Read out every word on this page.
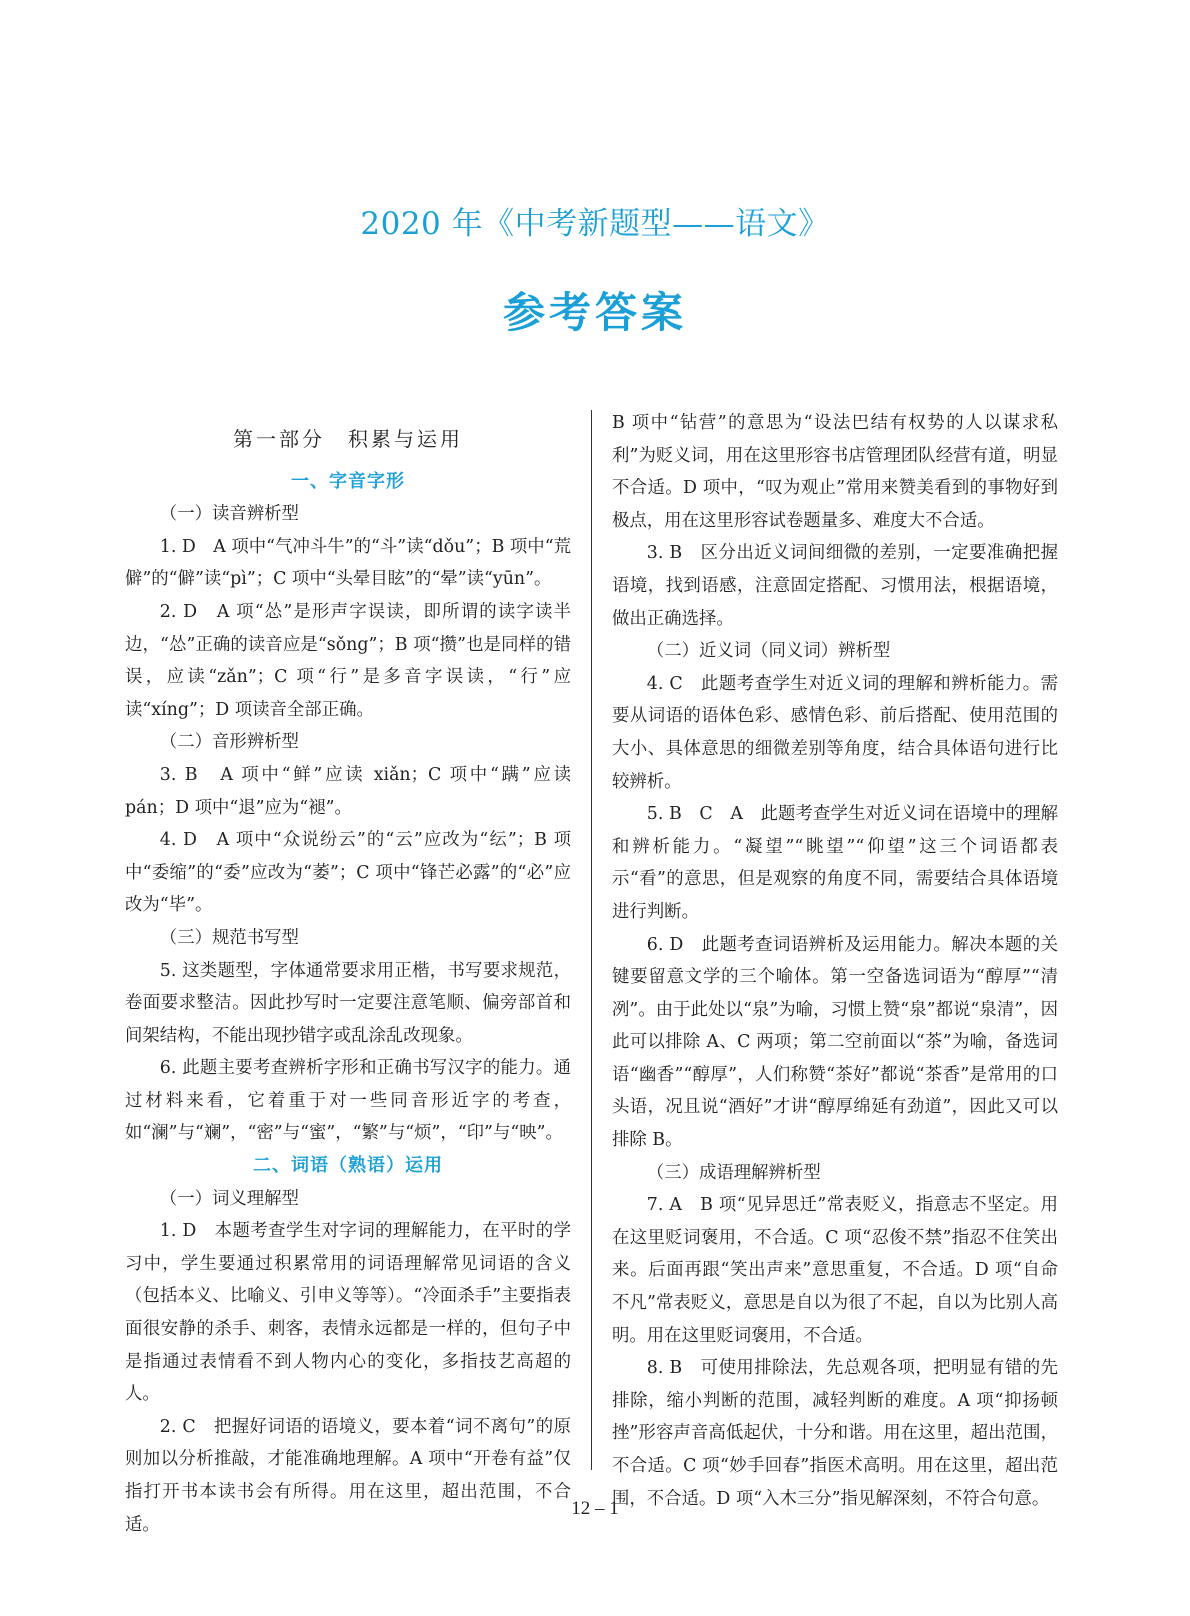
2020 年《中考新题型——语文》
参考答案
第一部分　积累与运用
一、字音字形

（一）读音辨析型

1. D　A 项中“气冲斗牛”的“斗”读“dǒu”；B 项中“荒僻”的“僻”读“pì”；C 项中“头晕目眩”的“晕”读“yūn”。

2. D　A 项“怂”是形声字误读，即所谓的读字读半边，“怂”正确的读音应是“sǒng”；B 项“攒”也是同样的错误，应读“zǎn”；C 项“行”是多音字误读，“行”应读“xíng”；D 项读音全部正确。

（二）音形辨析型

3. B　A 项中“鲜”应读 xiǎn；C 项中“蹒”应读 pán；D 项中“退”应为“褪”。

4. D　A 项中“众说纷云”的“云”应改为“纭”；B 项中“委缩”的“委”应改为“萎”；C 项中“锋芒必露”的“必”应改为“毕”。

（三）规范书写型

5. 这类题型，字体通常要求用正楷，书写要求规范，卷面要求整洁。因此抄写时一定要注意笔顺、偏旁部首和间架结构，不能出现抄错字或乱涂乱改现象。

6. 此题主要考查辨析字形和正确书写汉字的能力。通过材料来看，它着重于对一些同音形近字的考查，如“澜”与“斓”，“密”与“蜜”，“繁”与“烦”，“印”与“映”。

二、词语（熟语）运用

（一）词义理解型

1. D　本题考查学生对字词的理解能力，在平时的学习中，学生要通过积累常用的词语理解常见词语的含义（包括本义、比喻义、引申义等等）。“冷面杀手”主要指表面很安静的杀手、刺客，表情永远都是一样的，但句子中是指通过表情看不到人物内心的变化，多指技艺高超的人。

2. C　把握好词语的语境义，要本着“词不离句”的原则加以分析推敲，才能准确地理解。A 项中“开卷有益”仅指打开书本读书会有所得。用在这里，超出范围，不合适。

B 项中“钻营”的意思为“设法巴结有权势的人以谋求私利”为贬义词，用在这里形容书店管理团队经营有道，明显不合适。D 项中，“叹为观止”常用来赞美看到的事物好到极点，用在这里形容试卷题量多、难度大不合适。

3. B　区分出近义词间细微的差别，一定要准确把握语境，找到语感，注意固定搭配、习惯用法，根据语境，做出正确选择。

（二）近义词（同义词）辨析型

4. C　此题考查学生对近义词的理解和辨析能力。需要从词语的语体色彩、感情色彩、前后搭配、使用范围的大小、具体意思的细微差别等角度，结合具体语句进行比较辨析。

5. B　C　A　此题考查学生对近义词在语境中的理解和辨析能力。“凝望”“眺望”“仰望”这三个词语都表示“看”的意思，但是观察的角度不同，需要结合具体语境进行判断。

6. D　此题考查词语辨析及运用能力。解决本题的关键要留意文学的三个喻体。第一空备选词语为“醇厚”“清冽”。由于此处以“泉”为喻，习惯上赞“泉”都说“泉清”，因此可以排除 A、C 两项；第二空前面以“茶”为喻，备选词语“幽香”“醇厚”，人们称赞“茶好”都说“茶香”是常用的口头语，况且说“酒好”才讲“醇厚绵延有劲道”，因此又可以排除 B。

（三）成语理解辨析型

7. A　B 项“见异思迁”常表贬义，指意志不坚定。用在这里贬词褒用，不合适。C 项“忍俊不禁”指忍不住笑出来。后面再跟“笑出声来”意思重复，不合适。D 项“自命不凡”常表贬义，意思是自以为很了不起，自以为比别人高明。用在这里贬词褒用，不合适。

8. B　可使用排除法，先总观各项，把明显有错的先排除，缩小判断的范围，减轻判断的难度。A 项“抑扬顿挫”形容声音高低起伏，十分和谐。用在这里，超出范围，不合适。C 项“妙手回春”指医术高明。用在这里，超出范围，不合适。D 项“入木三分”指见解深刻，不符合句意。

12 – 1
